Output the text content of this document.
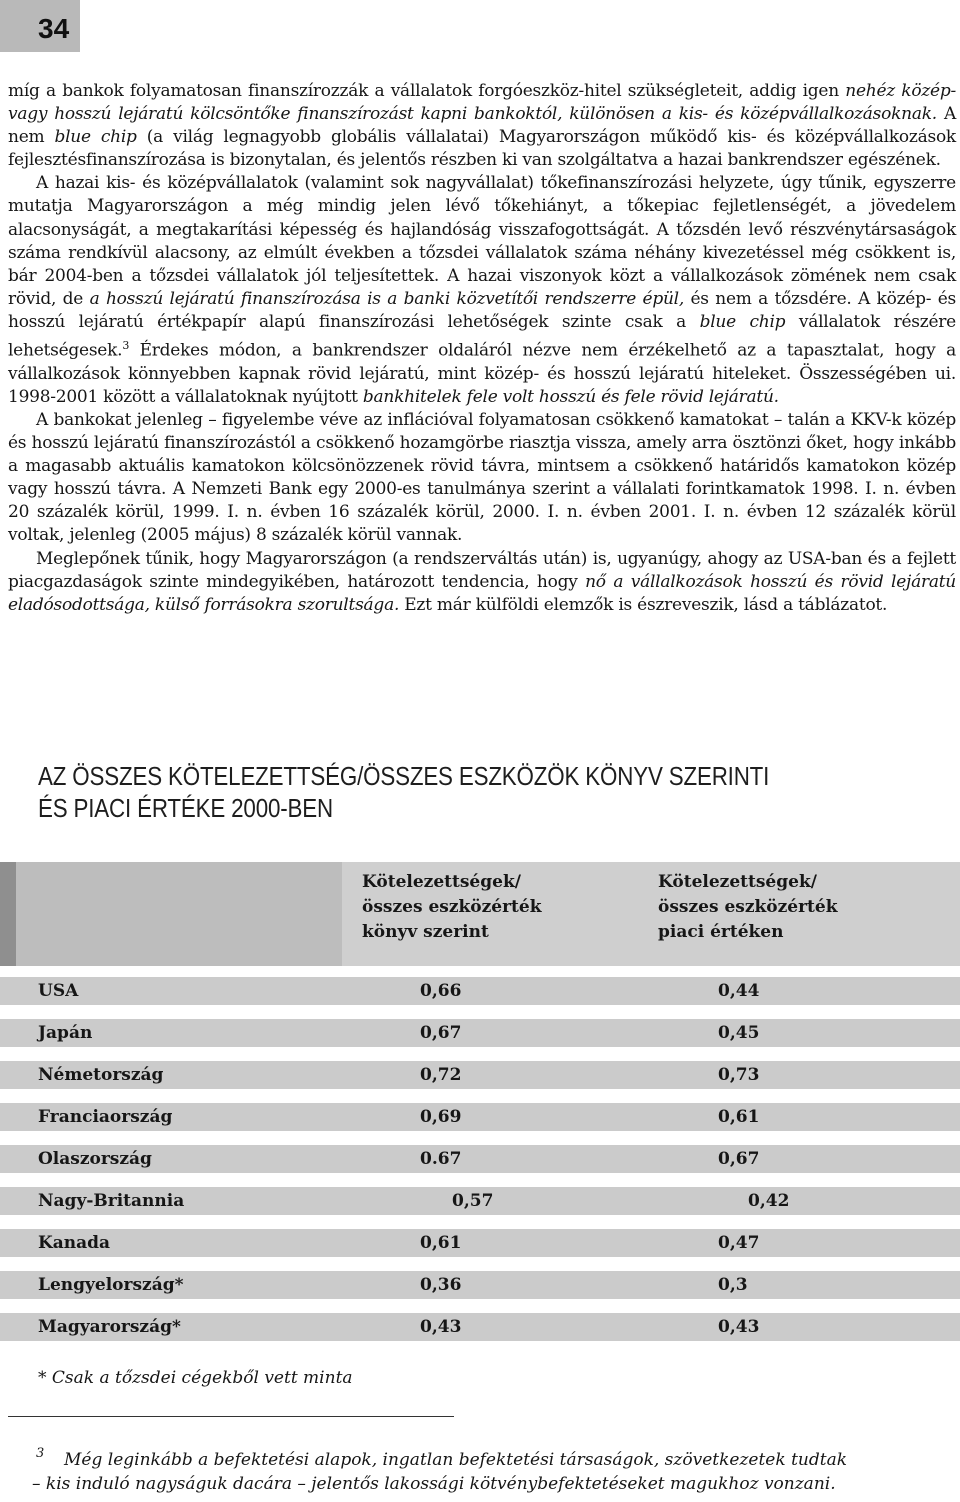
34

míg a bankok folyamatosan finanszírozzák a vállalatok forgóeszköz-hitel szükségleteit, addig igen nehéz közép- vagy hosszú lejáratú kölcsöntőke finanszírozást kapni bankoktól, különösen a kis- és középvállalkozásoknak. A nem blue chip (a világ legnagyobb globális vállalatai) Magyarországon működő kis- és középvállalkozások fejlesztésfinanszírozása is bizonytalan, és jelentős részben ki van szolgáltatva a hazai bankrendszer egészének.

A hazai kis- és középvállalatok (valamint sok nagyvállalat) tőkefinanszírozási helyzete, úgy tűnik, egyszerre mutatja Magyarországon a még mindig jelen lévő tőkehiányt, a tőkepiac fejletlenségét, a jövedelem alacsonyságát, a megtakarítási képesség és hajlandóság visszafogottságát. A tőzsdén levő részvénytársaságok száma rendkívül alacsony, az elmúlt években a tőzsdei vállalatok száma néhány kivezetéssel még csökkent is, bár 2004-ben a tőzsdei vállalatok jól teljesítettek. A hazai viszonyok közt a vállalkozások zömének nem csak rövid, de a hosszú lejáratú finanszírozása is a banki közvetítői rendszerre épül, és nem a tőzsdére. A közép- és hosszú lejáratú értékpapír alapú finanszírozási lehetőségek szinte csak a blue chip vállalatok részére lehetségesek.$^3$ Érdekes módon, a bankrendszer oldaláról nézve nem érzékelhető az a tapasztalat, hogy a vállalkozások könnyebben kapnak rövid lejáratú, mint közép- és hosszú lejáratú hiteleket. Összességében ui. 1998-2001 között a vállalatoknak nyújtott bankhitelek fele volt hosszú és fele rövid lejáratú.

A bankokat jelenleg – figyelembe véve az inflációval folyamatosan csökkenő kamatokat – talán a KKV-k közép és hosszú lejáratú finanszírozástól a csökkenő hozamgörbe riasztja vissza, amely arra ösztönzi őket, hogy inkább a magasabb aktuális kamatokon kölcsönözzenek rövid távra, mintsem a csökkenő határidős kamatokon közép vagy hosszú távra. A Nemzeti Bank egy 2000-es tanulmánya szerint a vállalati forintkamatok 1998. I. n. évben 20 százalék körül, 1999. I. n. évben 16 százalék körül, 2000. I. n. évben 2001. I. n. évben 12 százalék körül voltak, jelenleg (2005 május) 8 százalék körül vannak.

Meglepőnek tűnik, hogy Magyarországon (a rendszerváltás után) is, ugyanúgy, ahogy az USA-ban és a fejlett piacgazdaságok szinte mindegyikében, határozott tendencia, hogy nő a vállalkozások hosszú és rövid lejáratú eladósodottsága, külső forrásokra szorultsága. Ezt már külföldi elemzők is észreveszik, lásd a táblázatot.

AZ ÖSSZES KÖTELEZETTSÉG/ÖSSZES ESZKÖZÖK KÖNYV SZERINTI ÉS PIACI ÉRTÉKE 2000-BEN
Kötelezettségek/
összes eszközérték
könyv szerint
Kötelezettségek/
összes eszközérték
piaci értéken
USA	0,66	0,44
Japán	0,67	0,45
Németország	0,72	0,73
Franciaország	0,69	0,61
Olaszország	0.67	0,67
Nagy-Britannia	0,57	0,42
Kanada	0,61	0,47
Lengyelország*	0,36	0,3
Magyarország*	0,43	0,43
* Csak a tőzsdei cégekből vett minta
3 Még leginkább a befektetési alapok, ingatlan befektetési társaságok, szövetkezetek tudtak
– kis induló nagyságuk dacára – jelentős lakossági kötvénybefektetéseket magukhoz vonzani.
